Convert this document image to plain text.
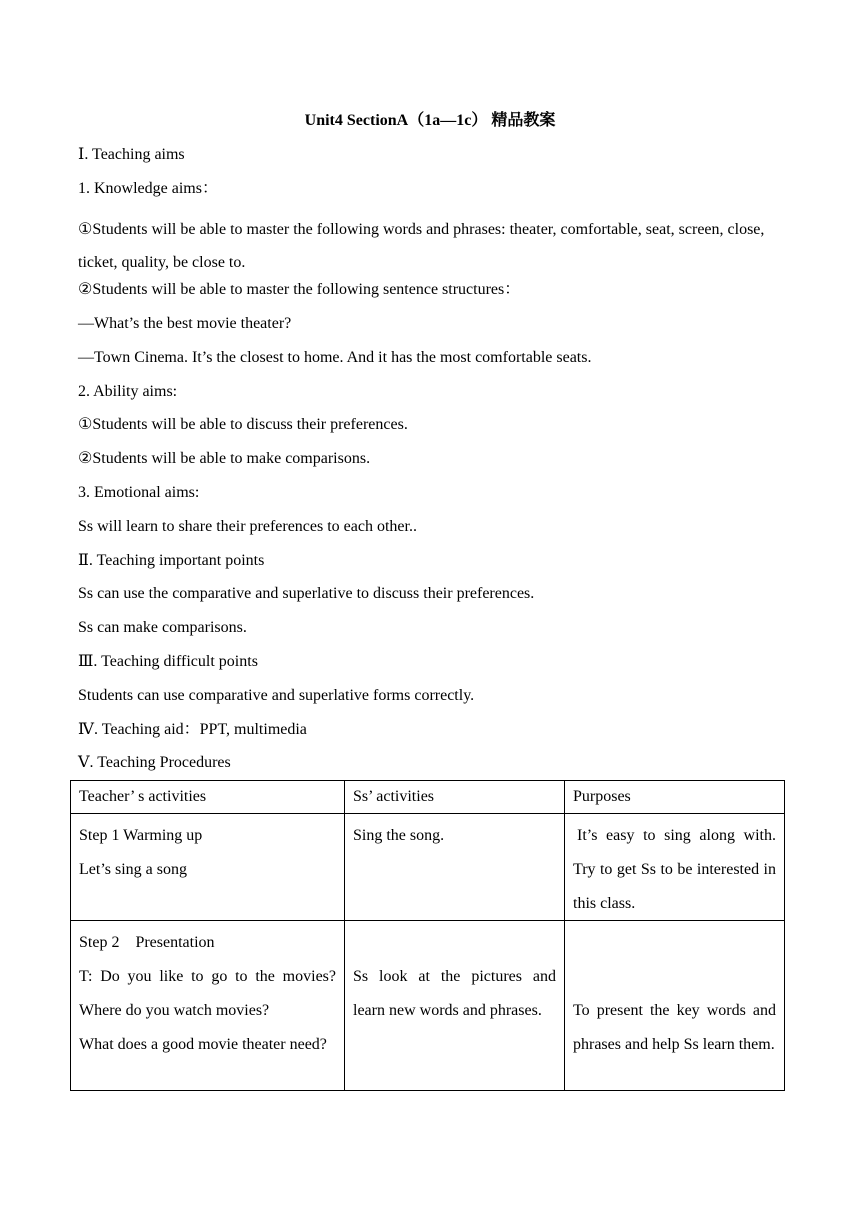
Unit4 SectionA（1a—1c） 精品教案
Ⅰ. Teaching aims
1. Knowledge aims：
①Students will be able to master the following words and phrases: theater, comfortable, seat, screen, close, ticket, quality, be close to.
②Students will be able to master the following sentence structures：
—What’s the best movie theater?
—Town Cinema. It’s the closest to home. And it has the most comfortable seats.
2. Ability aims:
①Students will be able to discuss their preferences.
②Students will be able to make comparisons.
3. Emotional aims:
Ss will learn to share their preferences to each other..
Ⅱ. Teaching important points
Ss can use the comparative and superlative to discuss their preferences.
Ss can make comparisons.
Ⅲ. Teaching difficult points
Students can use comparative and superlative forms correctly.
Ⅳ. Teaching aid：PPT, multimedia
Ⅴ. Teaching Procedures
Teacher’ s activities	Ss’ activities	Purposes

Step 1 Warming up
Let’s sing a song	Sing the song.	It’s easy to sing along with. Try to get Ss to be interested in this class.

Step 2    Presentation
T: Do you like to go to the movies? Where do you watch movies?
What does a good movie theater need?	Ss look at the pictures and learn new words and phrases.	To present the key words and phrases and help Ss learn them.
